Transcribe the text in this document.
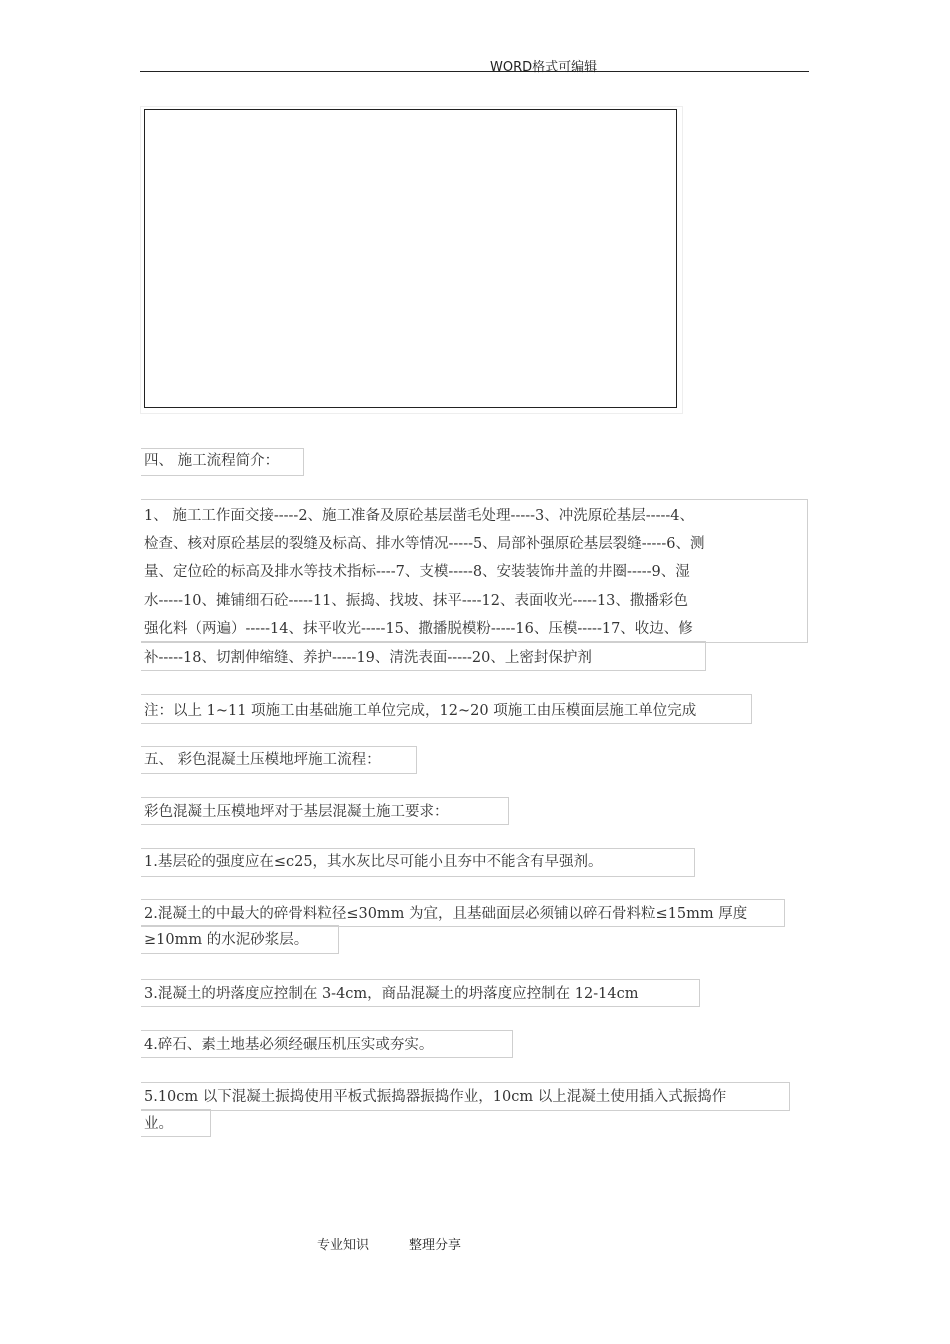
WORD格式可编辑
四、 施工流程简介：
1、 施工工作面交接-----2、施工准备及原砼基层凿毛处理-----3、冲洗原砼基层-----4、
检查、核对原砼基层的裂缝及标高、排水等情况-----5、局部补强原砼基层裂缝-----6、测
量、定位砼的标高及排水等技术指标----7、支模-----8、安装装饰井盖的井圈-----9、湿
水-----10、摊铺细石砼-----11、振捣、找坡、抹平----12、表面收光-----13、撒播彩色
强化料（两遍）-----14、抹平收光-----15、撒播脱模粉-----16、压模-----17、收边、修
补-----18、切割伸缩缝、养护-----19、清洗表面-----20、上密封保护剂
注：以上 1~11 项施工由基础施工单位完成，12~20 项施工由压模面层施工单位完成
五、 彩色混凝土压模地坪施工流程：
彩色混凝土压模地坪对于基层混凝土施工要求：
1.基层砼的强度应在≤c25，其水灰比尽可能小且夯中不能含有早强剂。
2.混凝土的中最大的碎骨料粒径≤30mm 为宜，且基础面层必须铺以碎石骨料粒≤15mm 厚度
≥10mm 的水泥砂浆层。
3.混凝土的坍落度应控制在 3-4cm，商品混凝土的坍落度应控制在 12-14cm
4.碎石、素土地基必须经碾压机压实或夯实。
5.10cm 以下混凝土振捣使用平板式振捣器振捣作业，10cm 以上混凝土使用插入式振捣作
业。
专业知识	整理分享
